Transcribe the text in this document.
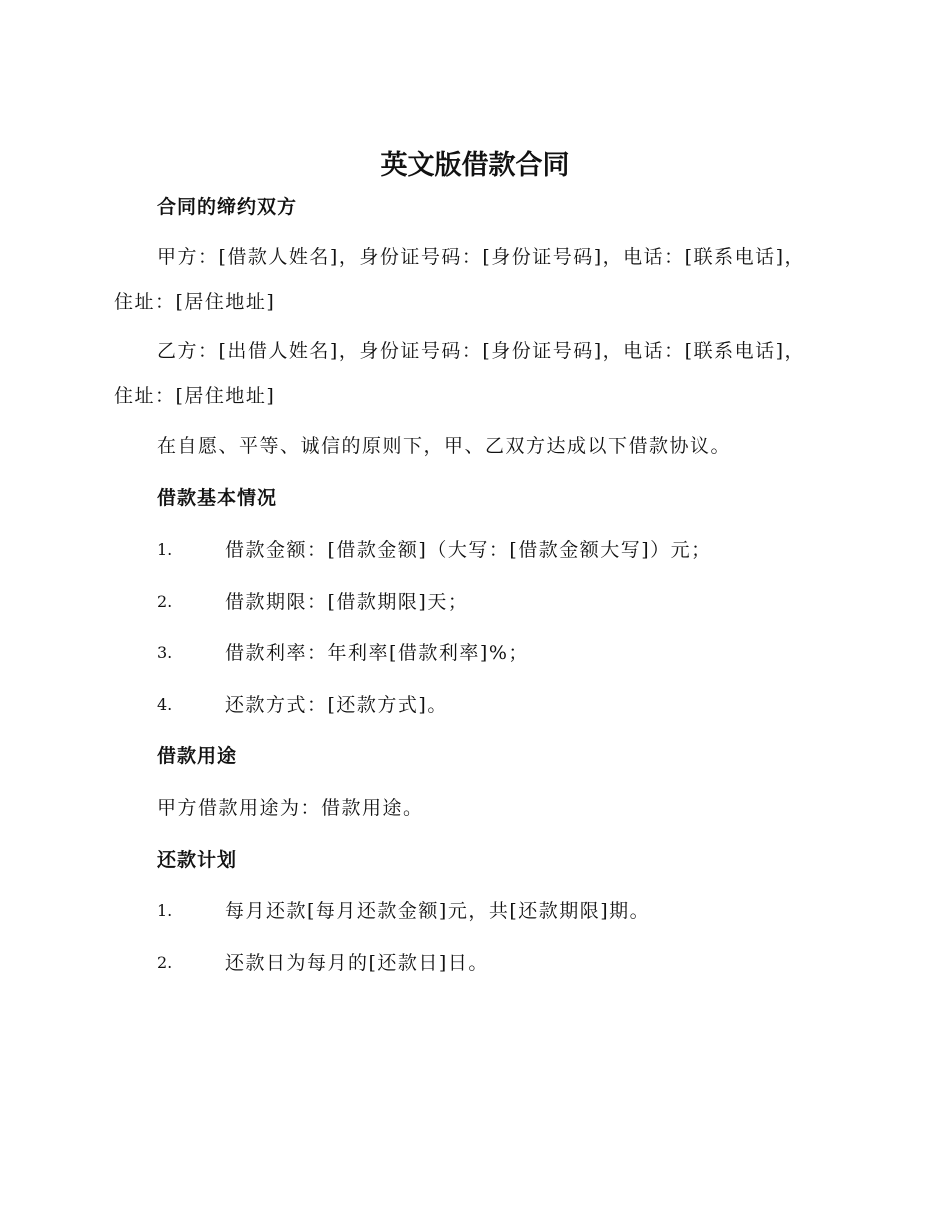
英文版借款合同
合同的缔约双方
甲方：[借款人姓名]，身份证号码：[身份证号码]，电话：[联系电话]，住址：[居住地址]
乙方：[出借人姓名]，身份证号码：[身份证号码]，电话：[联系电话]，住址：[居住地址]
在自愿、平等、诚信的原则下，甲、乙双方达成以下借款协议。
借款基本情况
1.	借款金额：[借款金额]（大写：[借款金额大写]）元；
2.	借款期限：[借款期限]天；
3.	借款利率：年利率[借款利率]%；
4.	还款方式：[还款方式]。
借款用途
甲方借款用途为：借款用途。
还款计划
1.	每月还款[每月还款金额]元，共[还款期限]期。
2.	还款日为每月的[还款日]日。
